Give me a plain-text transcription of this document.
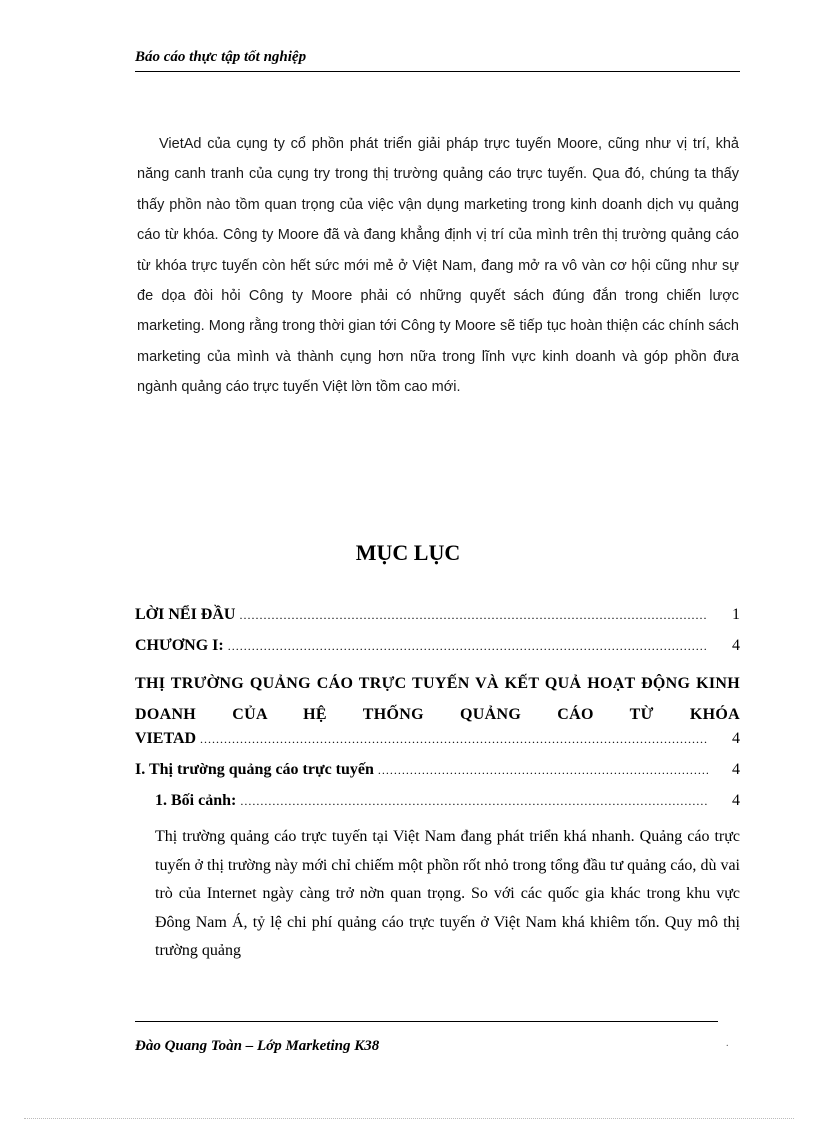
Báo cáo thực tập tốt nghiệp

VietAd của cụng ty cổ phồn phát triển giải pháp trực tuyến Moore, cũng như vị trí, khả năng canh tranh của cụng try trong thị trường quảng cáo trực tuyến. Qua đó, chúng ta thấy thấy phồn nào tồm quan trọng của việc vận dụng marketing trong kinh doanh dịch vụ quảng cáo từ khóa. Công ty Moore đã và đang khẳng định vị trí của mình trên thị trường quảng cáo từ khóa trực tuyến còn hết sức mới mẻ ở Việt Nam, đang mở ra vô vàn cơ hội cũng như sự đe dọa đòi hỏi Công ty Moore phải có những quyết sách đúng đắn trong chiến lược marketing. Mong rằng trong thời gian tới Công ty Moore sẽ tiếp tục hoàn thiện các chính sách marketing của mình và thành cụng hơn nữa trong lĩnh vực kinh doanh và góp phồn đưa ngành quảng cáo trực tuyến Việt lờn tồm cao mới.

MỤC LỤC
LỜI NỂI ĐẦU .....	1
CHƯƠNG I: .....	4
THỊ TRƯỜNG QUẢNG CÁO TRỰC TUYẾN VÀ KẾT QUẢ HOẠT ĐỘNG KINH DOANH CỦA HỆ THỐNG QUẢNG CÁO TỪ KHÓA
VIETAD .....	4
I. Thị trường quảng cáo trực tuyến .....	4
1. Bối cảnh: .....	4

Thị trường quảng cáo trực tuyến tại Việt Nam đang phát triển khá nhanh. Quảng cáo trực tuyến ở thị trường này mới chỉ chiếm một phồn rốt nhỏ trong tổng đầu tư quảng cáo, dù vai trò của Internet ngày càng trở nờn quan trọng. So với các quốc gia khác trong khu vực Đông Nam Á, tỷ lệ chi phí quảng cáo trực tuyến ở Việt Nam khá khiêm tốn. Quy mô thị trường quảng

Đào Quang Toàn – Lớp Marketing K38	.
